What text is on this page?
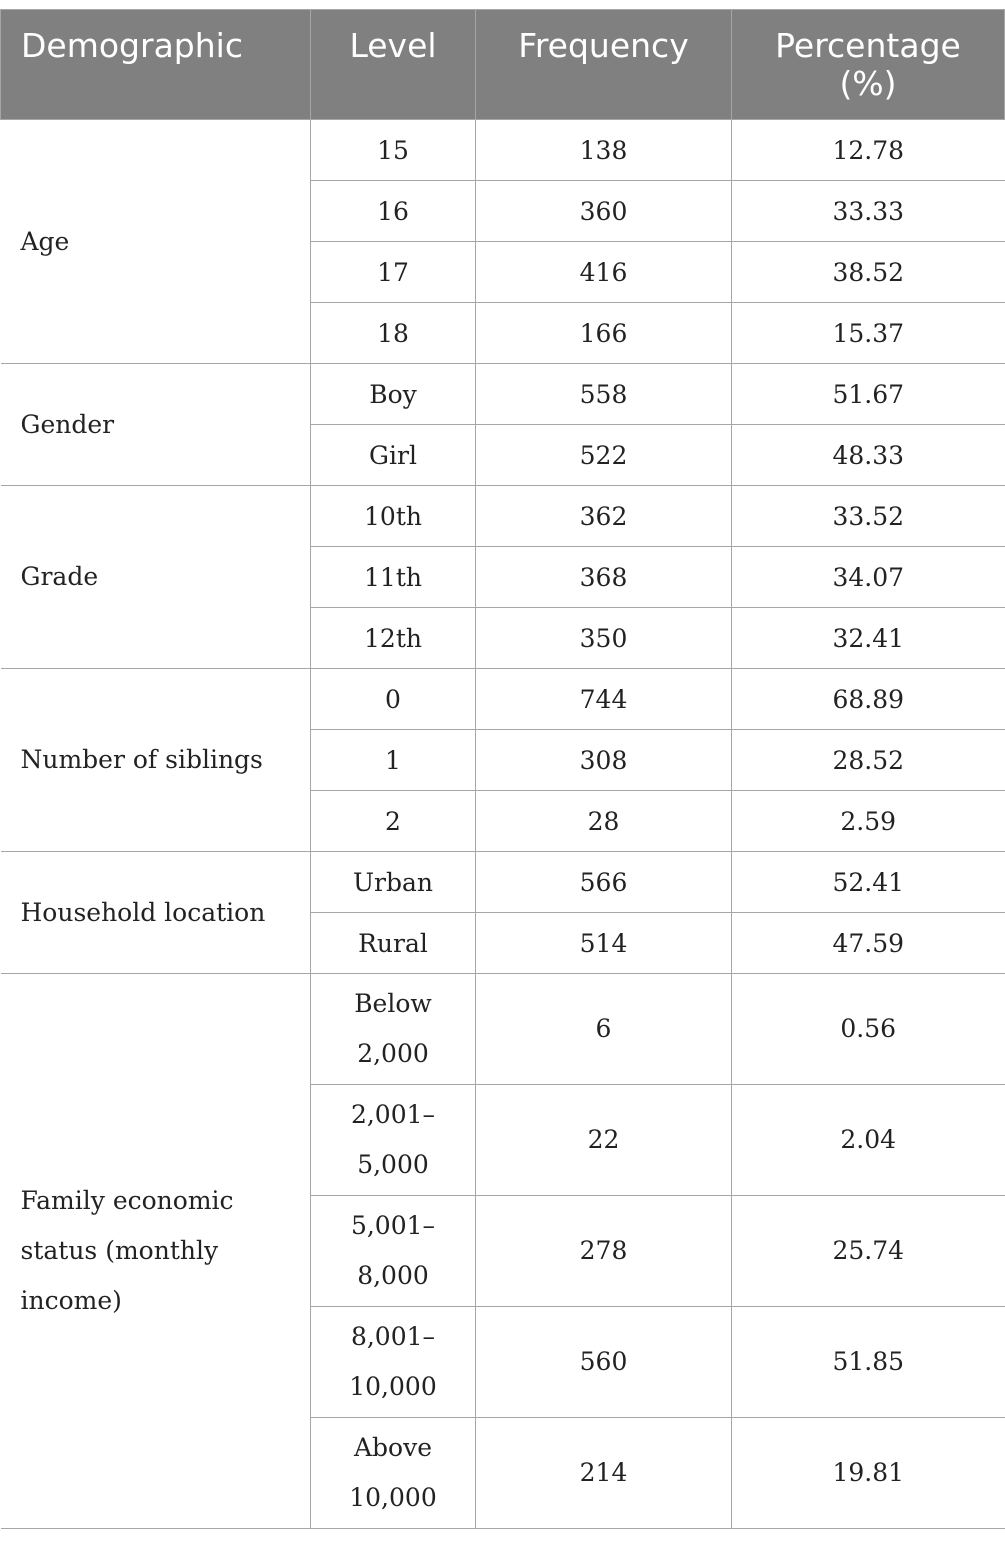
Demographic	Level	Frequency	Percentage (%)

Age	15	138	12.78
	16	360	33.33
	17	416	38.52
	18	166	15.37
Gender	Boy	558	51.67
	Girl	522	48.33
Grade	10th	362	33.52
	11th	368	34.07
	12th	350	32.41
Number of siblings	0	744	68.89
	1	308	28.52
	2	28	2.59
Household location	Urban	566	52.41
	Rural	514	47.59
Family economic status (monthly income)	Below 2,000	6	0.56
	2,001–5,000	22	2.04
	5,001–8,000	278	25.74
	8,001–10,000	560	51.85
	Above 10,000	214	19.81
